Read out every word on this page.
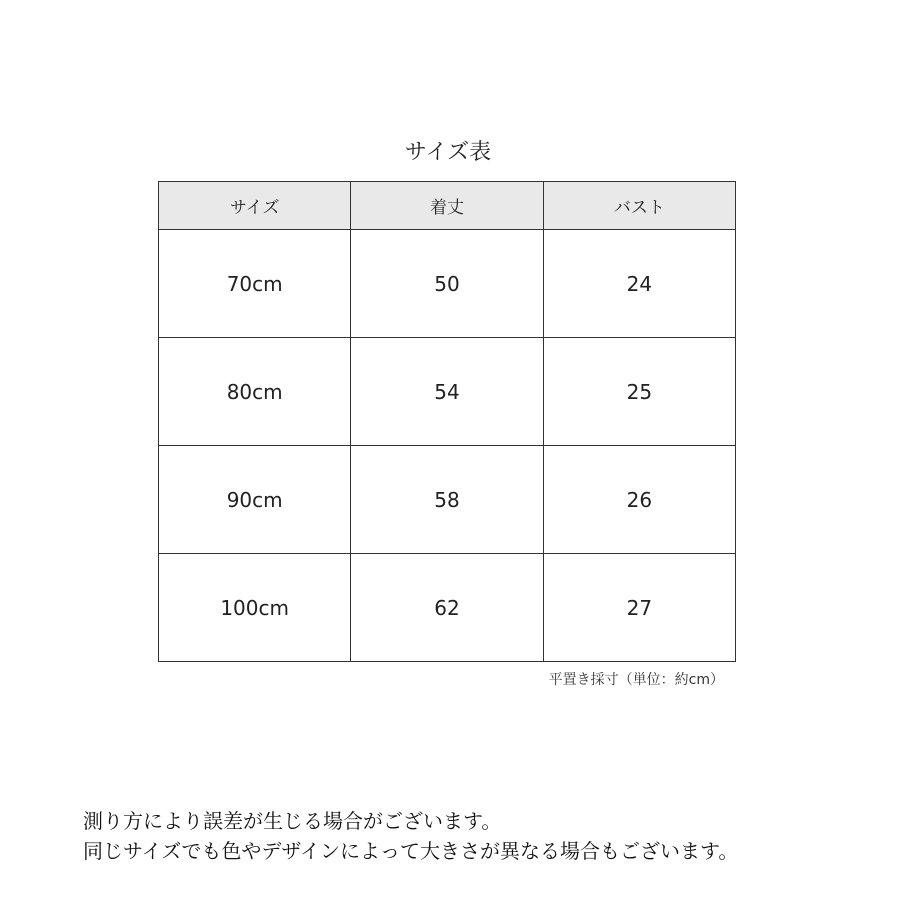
サイズ表
サイズ	着丈	バスト
70cm	50	24
80cm	54	25
90cm	58	26
100cm	62	27
平置き採寸（単位：約cm）
測り方により誤差が生じる場合がございます。
同じサイズでも色やデザインによって大きさが異なる場合もございます。
